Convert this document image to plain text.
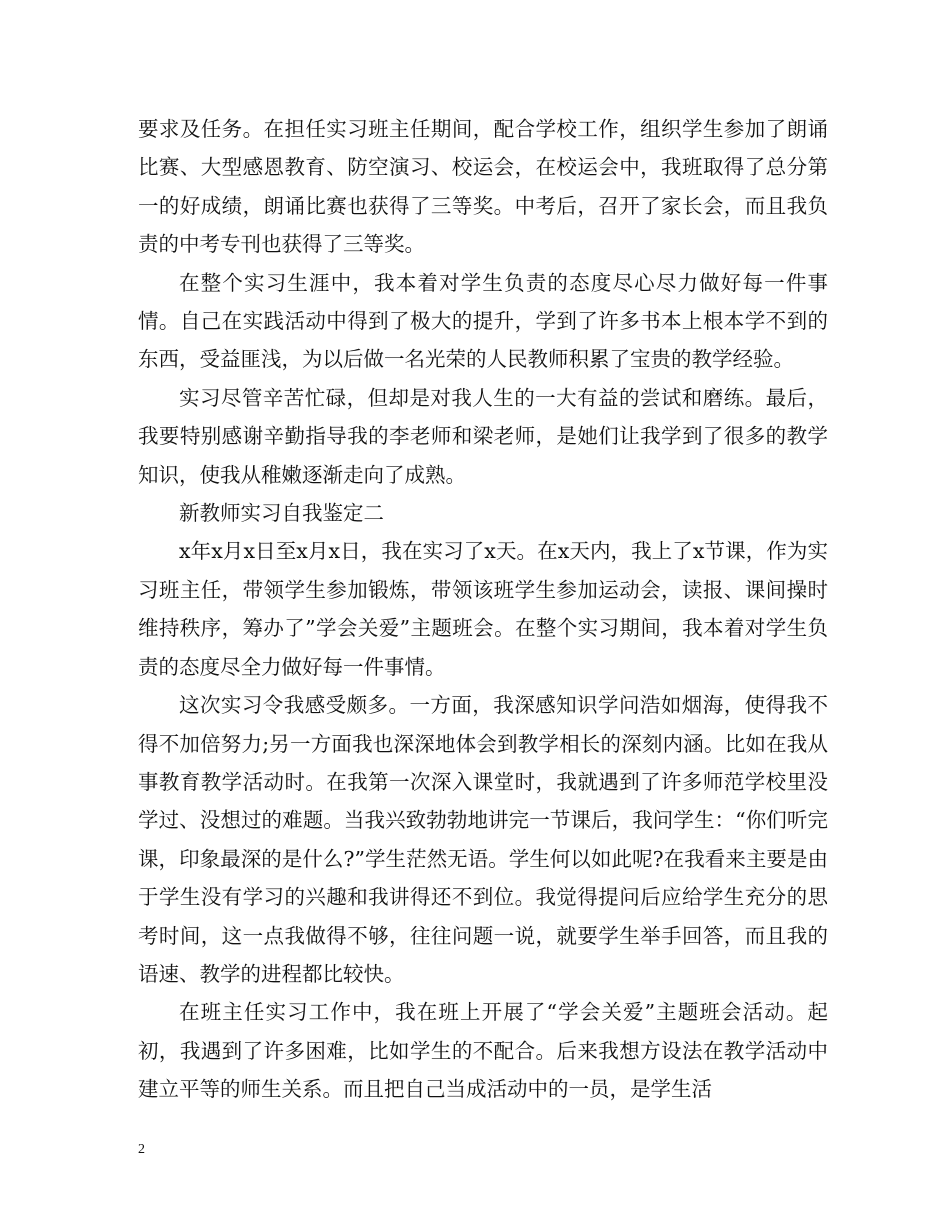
要求及任务。在担任实习班主任期间，配合学校工作，组织学生参加了朗诵比赛、大型感恩教育、防空演习、校运会，在校运会中，我班取得了总分第一的好成绩，朗诵比赛也获得了三等奖。中考后，召开了家长会，而且我负责的中考专刊也获得了三等奖。

在整个实习生涯中，我本着对学生负责的态度尽心尽力做好每一件事情。自己在实践活动中得到了极大的提升，学到了许多书本上根本学不到的东西，受益匪浅，为以后做一名光荣的人民教师积累了宝贵的教学经验。

实习尽管辛苦忙碌，但却是对我人生的一大有益的尝试和磨练。最后，我要特别感谢辛勤指导我的李老师和梁老师，是她们让我学到了很多的教学知识，使我从稚嫩逐渐走向了成熟。

新教师实习自我鉴定二

x年x月x日至x月x日，我在实习了x天。在x天内，我上了x节课，作为实习班主任，带领学生参加锻炼，带领该班学生参加运动会，读报、课间操时维持秩序，筹办了”学会关爱”主题班会。在整个实习期间，我本着对学生负责的态度尽全力做好每一件事情。

这次实习令我感受颇多。一方面，我深感知识学问浩如烟海，使得我不得不加倍努力;另一方面我也深深地体会到教学相长的深刻内涵。比如在我从事教育教学活动时。在我第一次深入课堂时，我就遇到了许多师范学校里没学过、没想过的难题。当我兴致勃勃地讲完一节课后，我问学生：“你们听完课，印象最深的是什么?”学生茫然无语。学生何以如此呢?在我看来主要是由于学生没有学习的兴趣和我讲得还不到位。我觉得提问后应给学生充分的思考时间，这一点我做得不够，往往问题一说，就要学生举手回答，而且我的语速、教学的进程都比较快。

在班主任实习工作中，我在班上开展了“学会关爱”主题班会活动。起初，我遇到了许多困难，比如学生的不配合。后来我想方设法在教学活动中建立平等的师生关系。而且把自己当成活动中的一员，是学生活

2
